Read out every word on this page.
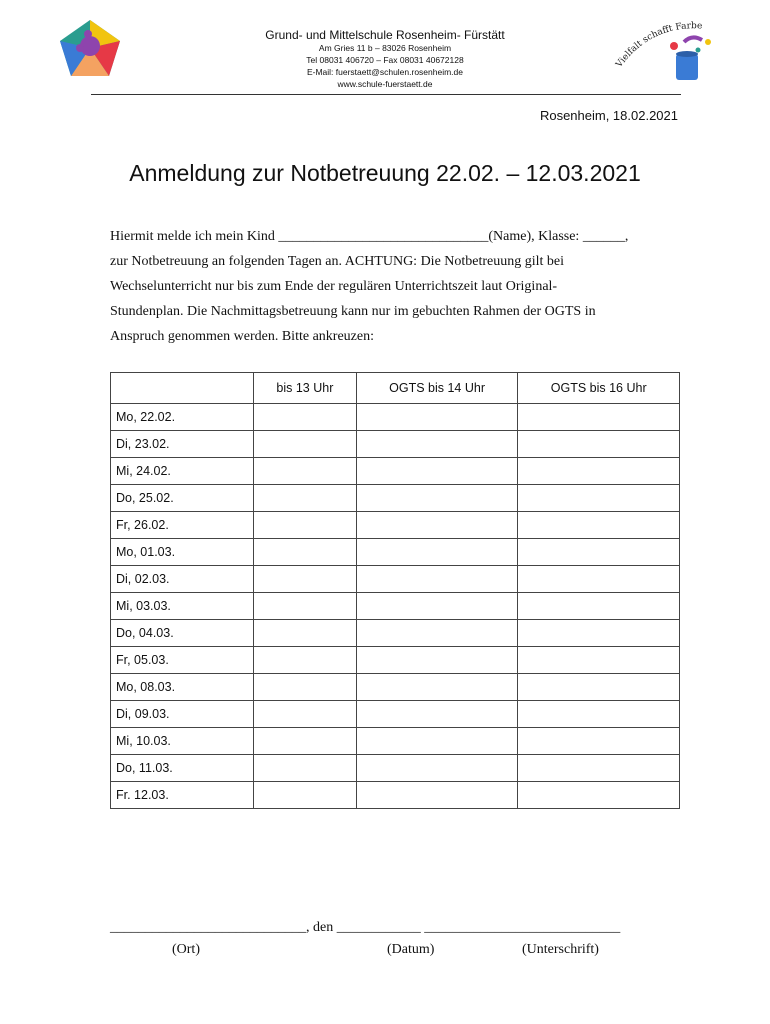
Grund- und Mittelschule Rosenheim- Fürstätt
Am Gries 11 b – 83026 Rosenheim
Tel 08031 406720 – Fax 08031 40672128
E-Mail: fuerstaett@schulen.rosenheim.de
www.schule-fuerstaett.de
Vielfalt schafft Farbe
Rosenheim, 18.02.2021
Anmeldung zur Notbetreuung 22.02. – 12.03.2021

Hiermit melde ich mein Kind ______________________________(Name), Klasse: ______,

zur Notbetreuung an folgenden Tagen an. ACHTUNG: Die Notbetreuung gilt bei

Wechselunterricht nur bis zum Ende der regulären Unterrichtszeit laut Original-

Stundenplan. Die Nachmittagsbetreuung kann nur im gebuchten Rahmen der OGTS in

Anspruch genommen werden. Bitte ankreuzen:

	bis 13 Uhr	OGTS bis 14 Uhr	OGTS bis 16 Uhr
Mo, 22.02.			
Di, 23.02.			
Mi, 24.02.			
Do, 25.02.			
Fr, 26.02.			
Mo, 01.03.			
Di, 02.03.			
Mi, 03.03.			
Do, 04.03.			
Fr, 05.03.			
Mo, 08.03.			
Di, 09.03.			
Mi, 10.03.			
Do, 11.03.			
Fr. 12.03.			
____________________________, den ____________ ____________________________
(Ort)	(Datum)	(Unterschrift)
